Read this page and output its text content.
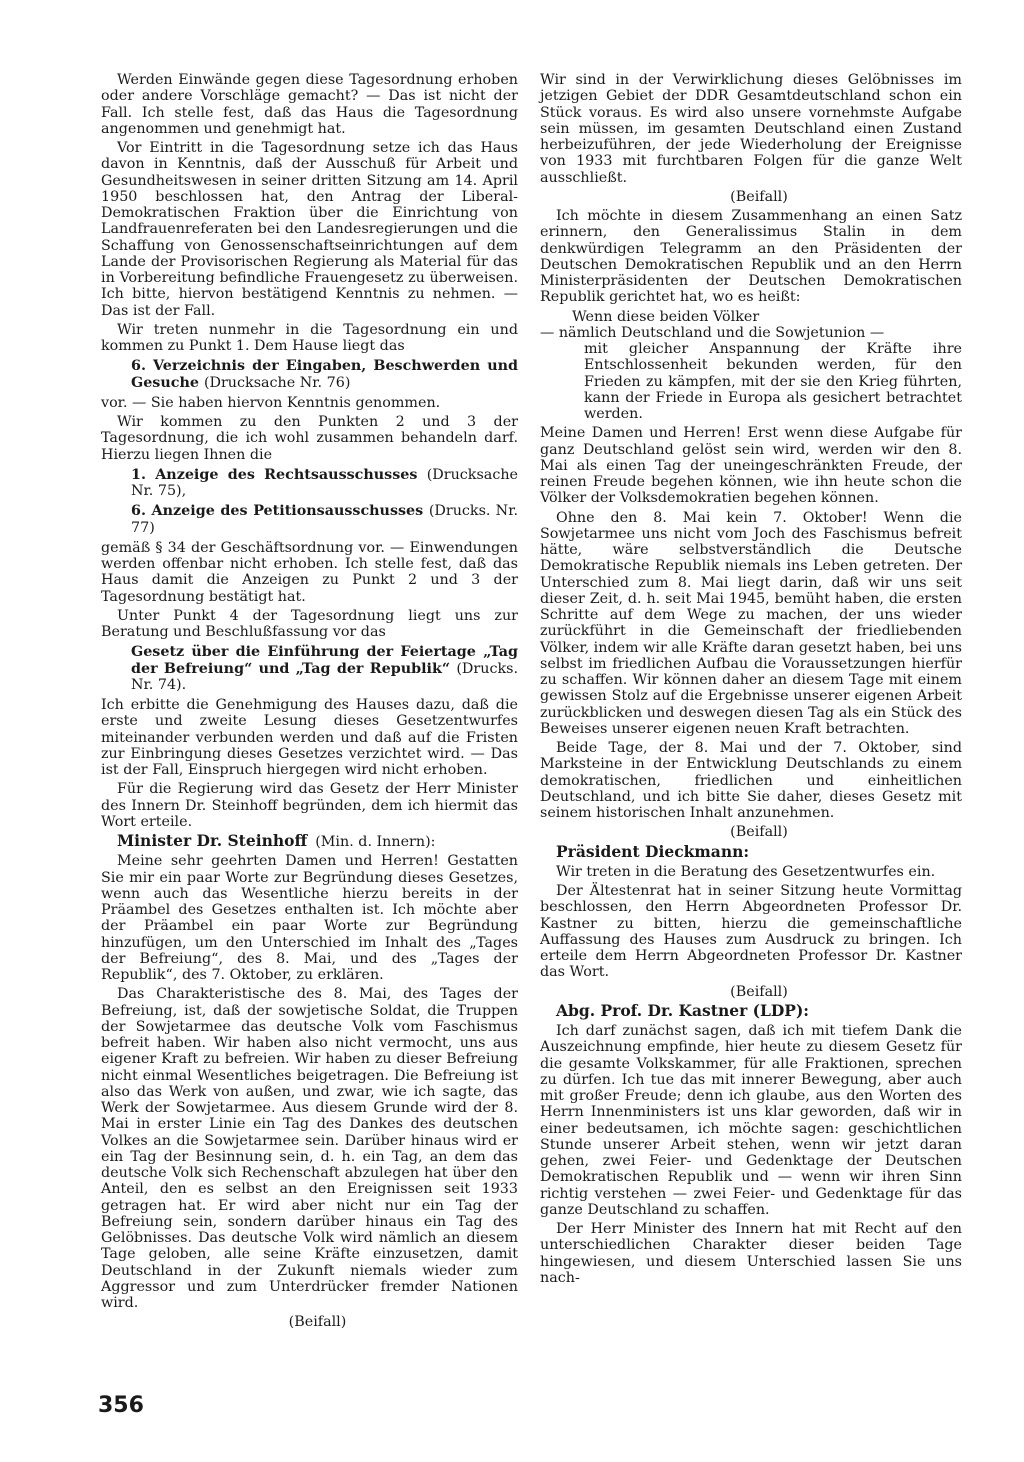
Werden Einwände gegen diese Tagesordnung erhoben oder andere Vorschläge gemacht? — Das ist nicht der Fall. Ich stelle fest, daß das Haus die Tagesordnung angenommen und genehmigt hat.

Vor Eintritt in die Tagesordnung setze ich das Haus davon in Kenntnis, daß der Ausschuß für Arbeit und Gesundheitswesen in seiner dritten Sitzung am 14. April 1950 beschlossen hat, den Antrag der Liberal-Demokratischen Fraktion über die Einrichtung von Landfrauenreferaten bei den Landesregierungen und die Schaffung von Genossenschaftseinrichtungen auf dem Lande der Provisorischen Regierung als Material für das in Vorbereitung befindliche Frauengesetz zu überweisen. Ich bitte, hiervon bestätigend Kenntnis zu nehmen. — Das ist der Fall.

Wir treten nunmehr in die Tagesordnung ein und kommen zu Punkt 1. Dem Hause liegt das

6. Verzeichnis der Eingaben, Beschwerden und Gesuche (Drucksache Nr. 76)

vor. — Sie haben hiervon Kenntnis genommen.

Wir kommen zu den Punkten 2 und 3 der Tagesordnung, die ich wohl zusammen behandeln darf. Hierzu liegen Ihnen die

1. Anzeige des Rechtsausschusses (Drucksache Nr. 75),

6. Anzeige des Petitionsausschusses (Drucks. Nr. 77)

gemäß § 34 der Geschäftsordnung vor. — Einwendungen werden offenbar nicht erhoben. Ich stelle fest, daß das Haus damit die Anzeigen zu Punkt 2 und 3 der Tagesordnung bestätigt hat.

Unter Punkt 4 der Tagesordnung liegt uns zur Beratung und Beschlußfassung vor das

Gesetz über die Einführung der Feiertage „Tag der Befreiung“ und „Tag der Republik“ (Drucks. Nr. 74).

Ich erbitte die Genehmigung des Hauses dazu, daß die erste und zweite Lesung dieses Gesetzentwurfes miteinander verbunden werden und daß auf die Fristen zur Einbringung dieses Gesetzes verzichtet wird. — Das ist der Fall, Einspruch hiergegen wird nicht erhoben.

Für die Regierung wird das Gesetz der Herr Minister des Innern Dr. Steinhoff begründen, dem ich hiermit das Wort erteile.

Minister Dr. Steinhoff (Min. d. Innern):

Meine sehr geehrten Damen und Herren! Gestatten Sie mir ein paar Worte zur Begründung dieses Gesetzes, wenn auch das Wesentliche hierzu bereits in der Präambel des Gesetzes enthalten ist. Ich möchte aber der Präambel ein paar Worte zur Begründung hinzufügen, um den Unterschied im Inhalt des „Tages der Befreiung“, des 8. Mai, und des „Tages der Republik“, des 7. Oktober, zu erklären.

Das Charakteristische des 8. Mai, des Tages der Befreiung, ist, daß der sowjetische Soldat, die Truppen der Sowjetarmee das deutsche Volk vom Faschismus befreit haben. Wir haben also nicht vermocht, uns aus eigener Kraft zu befreien. Wir haben zu dieser Befreiung nicht einmal Wesentliches beigetragen. Die Befreiung ist also das Werk von außen, und zwar, wie ich sagte, das Werk der Sowjetarmee. Aus diesem Grunde wird der 8. Mai in erster Linie ein Tag des Dankes des deutschen Volkes an die Sowjetarmee sein. Darüber hinaus wird er ein Tag der Besinnung sein, d. h. ein Tag, an dem das deutsche Volk sich Rechenschaft abzulegen hat über den Anteil, den es selbst an den Ereignissen seit 1933 getragen hat. Er wird aber nicht nur ein Tag der Befreiung sein, sondern darüber hinaus ein Tag des Gelöbnisses. Das deutsche Volk wird nämlich an diesem Tage geloben, alle seine Kräfte einzusetzen, damit Deutschland in der Zukunft niemals wieder zum Aggressor und zum Unterdrücker fremder Nationen wird.

(Beifall)

Wir sind in der Verwirklichung dieses Gelöbnisses im jetzigen Gebiet der DDR Gesamtdeutschland schon ein Stück voraus. Es wird also unsere vornehmste Aufgabe sein müssen, im gesamten Deutschland einen Zustand herbeizuführen, der jede Wiederholung der Ereignisse von 1933 mit furchtbaren Folgen für die ganze Welt ausschließt.

(Beifall)

Ich möchte in diesem Zusammenhang an einen Satz erinnern, den Generalissimus Stalin in dem denkwürdigen Telegramm an den Präsidenten der Deutschen Demokratischen Republik und an den Herrn Ministerpräsidenten der Deutschen Demokratischen Republik gerichtet hat, wo es heißt:

Wenn diese beiden Völker
— nämlich Deutschland und die Sowjetunion —
mit gleicher Anspannung der Kräfte ihre Entschlossenheit bekunden werden, für den Frieden zu kämpfen, mit der sie den Krieg führten, kann der Friede in Europa als gesichert betrachtet werden.

Meine Damen und Herren! Erst wenn diese Aufgabe für ganz Deutschland gelöst sein wird, werden wir den 8. Mai als einen Tag der uneingeschränkten Freude, der reinen Freude begehen können, wie ihn heute schon die Völker der Volksdemokratien begehen können.

Ohne den 8. Mai kein 7. Oktober! Wenn die Sowjetarmee uns nicht vom Joch des Faschismus befreit hätte, wäre selbstverständlich die Deutsche Demokratische Republik niemals ins Leben getreten. Der Unterschied zum 8. Mai liegt darin, daß wir uns seit dieser Zeit, d. h. seit Mai 1945, bemüht haben, die ersten Schritte auf dem Wege zu machen, der uns wieder zurückführt in die Gemeinschaft der friedliebenden Völker, indem wir alle Kräfte daran gesetzt haben, bei uns selbst im friedlichen Aufbau die Voraussetzungen hierfür zu schaffen. Wir können daher an diesem Tage mit einem gewissen Stolz auf die Ergebnisse unserer eigenen Arbeit zurückblicken und deswegen diesen Tag als ein Stück des Beweises unserer eigenen neuen Kraft betrachten.

Beide Tage, der 8. Mai und der 7. Oktober, sind Marksteine in der Entwicklung Deutschlands zu einem demokratischen, friedlichen und einheitlichen Deutschland, und ich bitte Sie daher, dieses Gesetz mit seinem historischen Inhalt anzunehmen.

(Beifall)

Präsident Dieckmann:

Wir treten in die Beratung des Gesetzentwurfes ein.

Der Ältestenrat hat in seiner Sitzung heute Vormittag beschlossen, den Herrn Abgeordneten Professor Dr. Kastner zu bitten, hierzu die gemeinschaftliche Auffassung des Hauses zum Ausdruck zu bringen. Ich erteile dem Herrn Abgeordneten Professor Dr. Kastner das Wort.

(Beifall)

Abg. Prof. Dr. Kastner (LDP):

Ich darf zunächst sagen, daß ich mit tiefem Dank die Auszeichnung empfinde, hier heute zu diesem Gesetz für die gesamte Volkskammer, für alle Fraktionen, sprechen zu dürfen. Ich tue das mit innerer Bewegung, aber auch mit großer Freude; denn ich glaube, aus den Worten des Herrn Innenministers ist uns klar geworden, daß wir in einer bedeutsamen, ich möchte sagen: geschichtlichen Stunde unserer Arbeit stehen, wenn wir jetzt daran gehen, zwei Feier- und Gedenktage der Deutschen Demokratischen Republik und — wenn wir ihren Sinn richtig verstehen — zwei Feier- und Gedenktage für das ganze Deutschland zu schaffen.

Der Herr Minister des Innern hat mit Recht auf den unterschiedlichen Charakter dieser beiden Tage hingewiesen, und diesem Unterschied lassen Sie uns nach-

356
